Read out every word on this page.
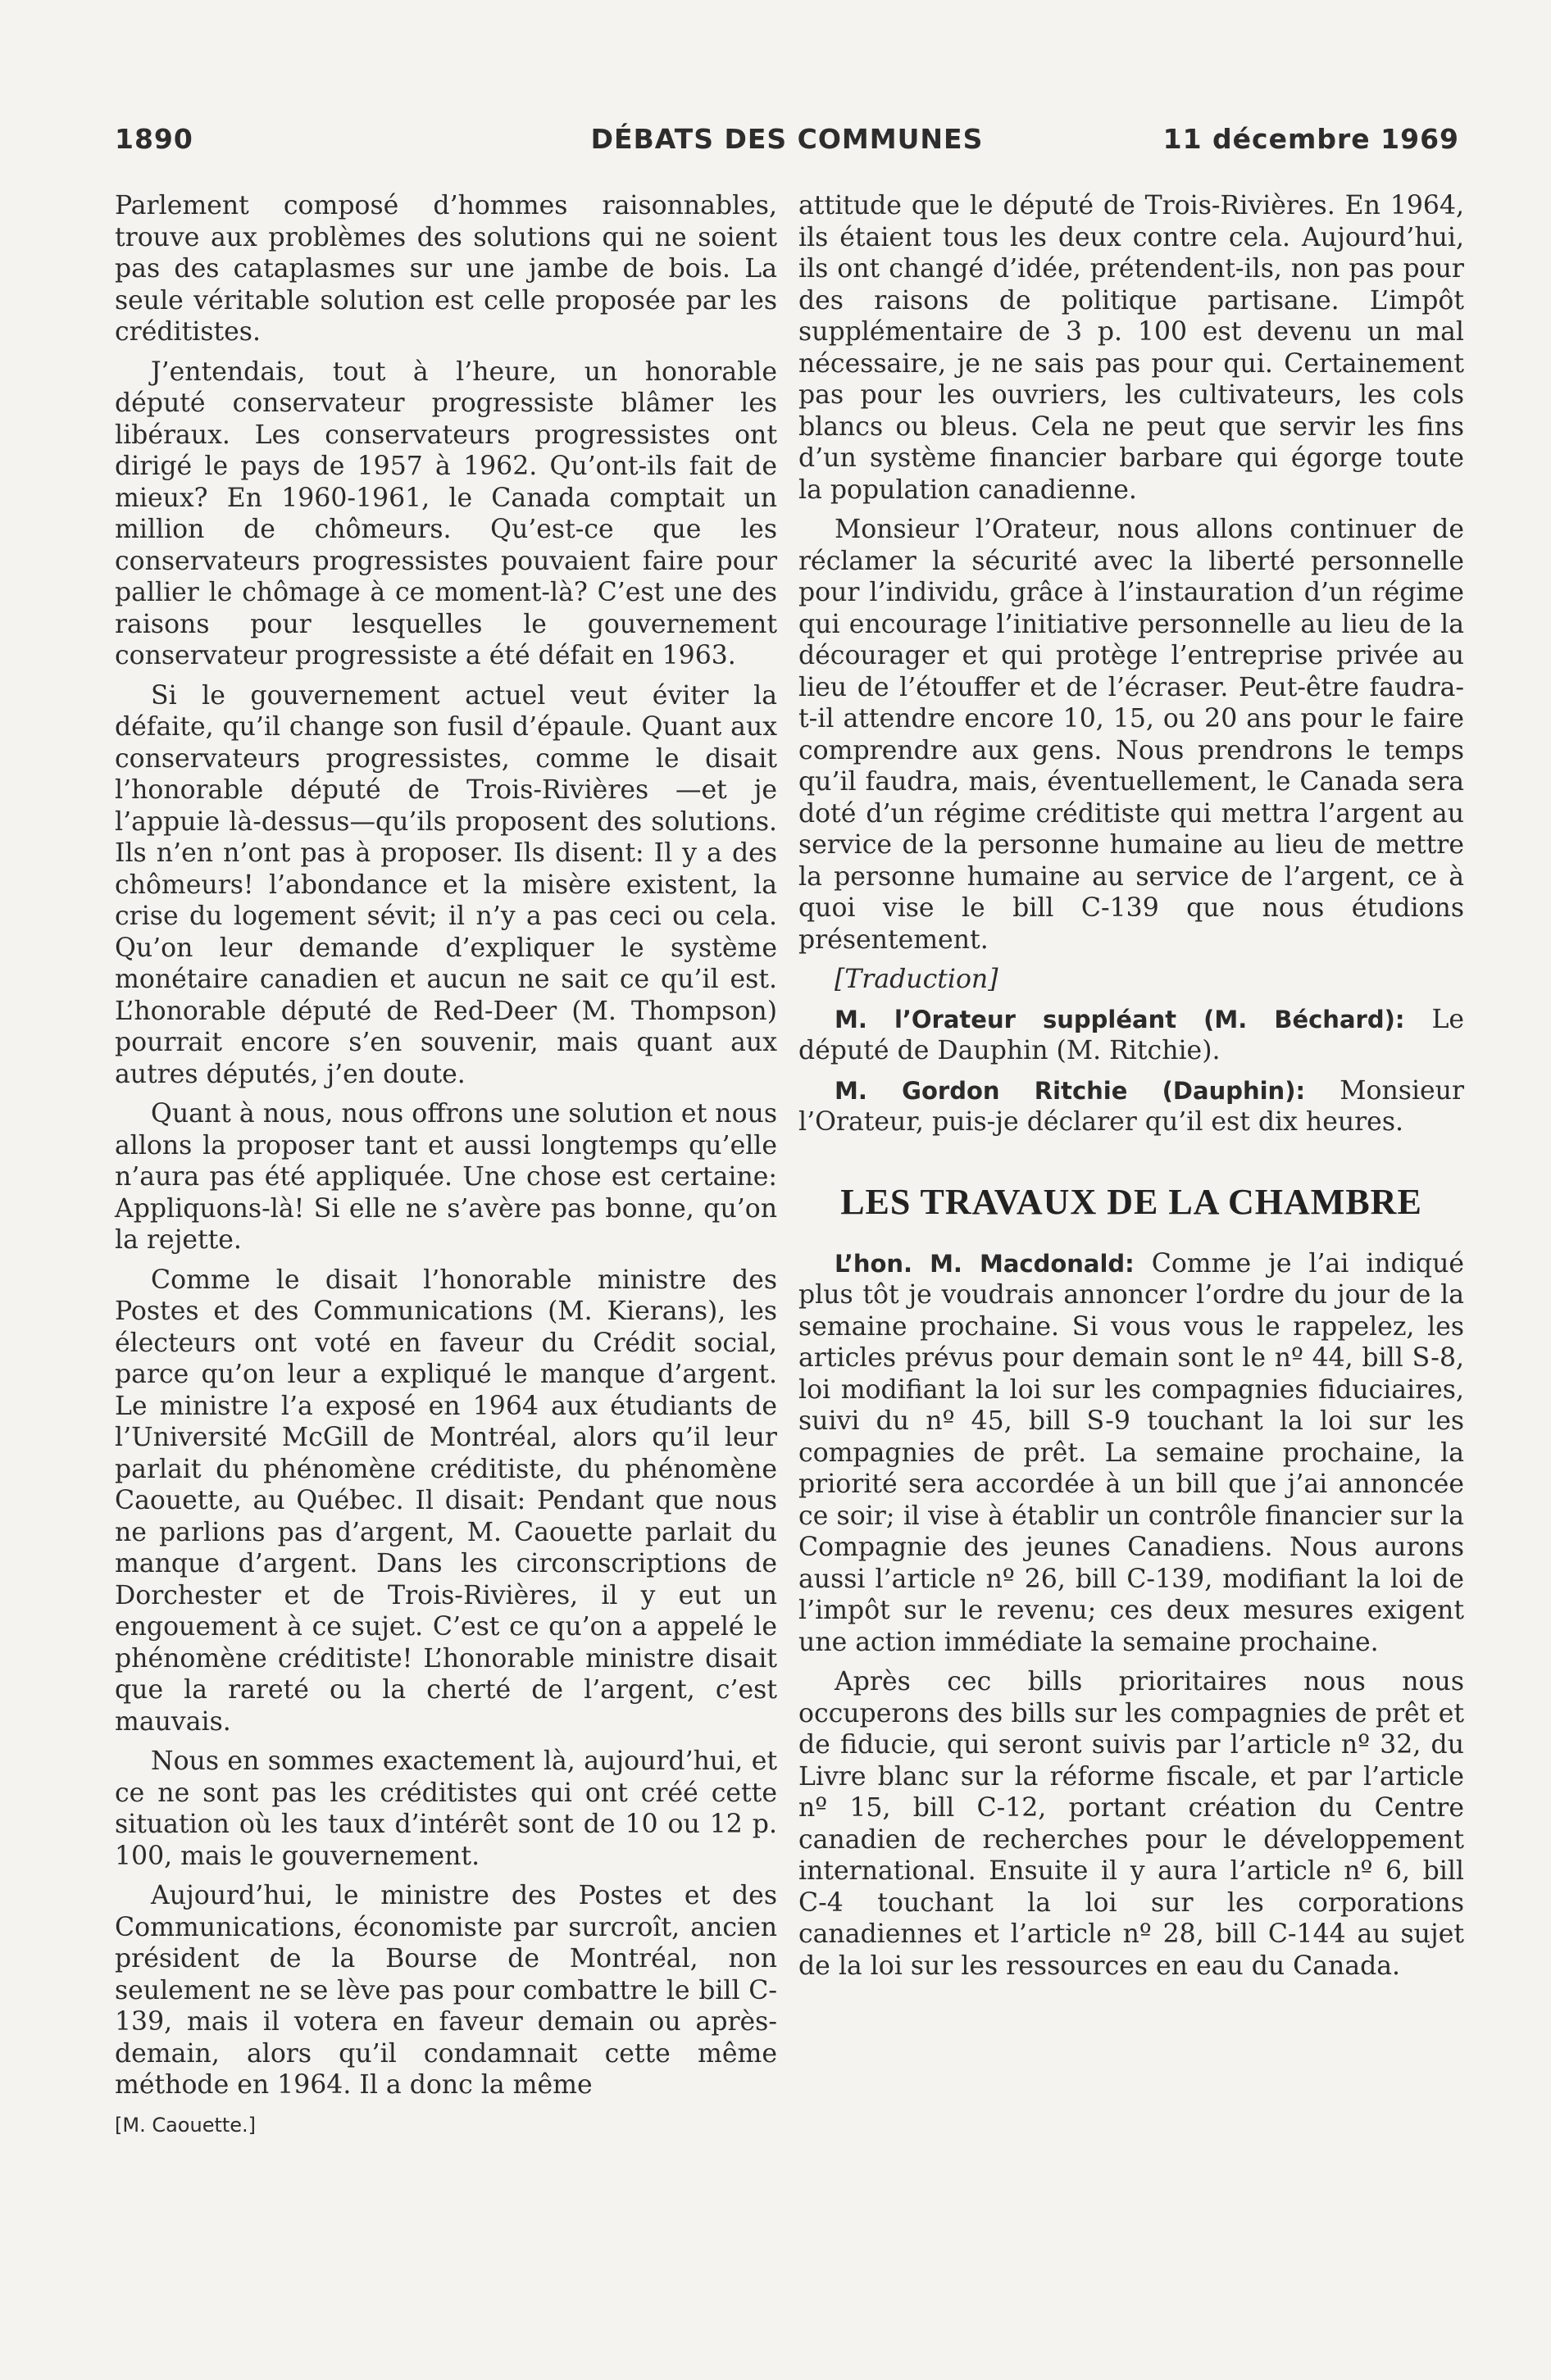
1890	DÉBATS DES COMMUNES	11 décembre 1969

Parlement composé d’hommes raisonnables, trouve aux problèmes des solutions qui ne soient pas des cataplasmes sur une jambe de bois. La seule véritable solution est celle proposée par les créditistes.

J’entendais, tout à l’heure, un honorable député conservateur progressiste blâmer les libéraux. Les conservateurs progressistes ont dirigé le pays de 1957 à 1962. Qu’ont-ils fait de mieux? En 1960-1961, le Canada comptait un million de chômeurs. Qu’est-ce que les conservateurs progressistes pouvaient faire pour pallier le chômage à ce moment-là? C’est une des raisons pour lesquelles le gouvernement conservateur progressiste a été défait en 1963.

Si le gouvernement actuel veut éviter la défaite, qu’il change son fusil d’épaule. Quant aux conservateurs progressistes, comme le disait l’honorable député de Trois-Rivières —et je l’appuie là-dessus—qu’ils proposent des solutions. Ils n’en n’ont pas à proposer. Ils disent: Il y a des chômeurs! l’abondance et la misère existent, la crise du logement sévit; il n’y a pas ceci ou cela. Qu’on leur demande d’expliquer le système monétaire canadien et aucun ne sait ce qu’il est. L’honorable député de Red-Deer (M. Thompson) pourrait encore s’en souvenir, mais quant aux autres députés, j’en doute.

Quant à nous, nous offrons une solution et nous allons la proposer tant et aussi longtemps qu’elle n’aura pas été appliquée. Une chose est certaine: Appliquons-là! Si elle ne s’avère pas bonne, qu’on la rejette.

Comme le disait l’honorable ministre des Postes et des Communications (M. Kierans), les électeurs ont voté en faveur du Crédit social, parce qu’on leur a expliqué le manque d’argent. Le ministre l’a exposé en 1964 aux étudiants de l’Université McGill de Montréal, alors qu’il leur parlait du phénomène créditiste, du phénomène Caouette, au Québec. Il disait: Pendant que nous ne parlions pas d’argent, M. Caouette parlait du manque d’argent. Dans les circonscriptions de Dorchester et de Trois-Rivières, il y eut un engouement à ce sujet. C’est ce qu’on a appelé le phénomène créditiste! L’honorable ministre disait que la rareté ou la cherté de l’argent, c’est mauvais.

Nous en sommes exactement là, aujourd’hui, et ce ne sont pas les créditistes qui ont créé cette situation où les taux d’intérêt sont de 10 ou 12 p. 100, mais le gouvernement.

Aujourd’hui, le ministre des Postes et des Communications, économiste par surcroît, ancien président de la Bourse de Montréal, non seulement ne se lève pas pour combattre le bill C-139, mais il votera en faveur demain ou après-demain, alors qu’il condamnait cette même méthode en 1964. Il a donc la même

[M. Caouette.]

attitude que le député de Trois-Rivières. En 1964, ils étaient tous les deux contre cela. Aujourd’hui, ils ont changé d’idée, prétendent-ils, non pas pour des raisons de politique partisane. L’impôt supplémentaire de 3 p. 100 est devenu un mal nécessaire, je ne sais pas pour qui. Certainement pas pour les ouvriers, les cultivateurs, les cols blancs ou bleus. Cela ne peut que servir les fins d’un système financier barbare qui égorge toute la population canadienne.

Monsieur l’Orateur, nous allons continuer de réclamer la sécurité avec la liberté personnelle pour l’individu, grâce à l’instauration d’un régime qui encourage l’initiative personnelle au lieu de la décourager et qui protège l’entreprise privée au lieu de l’étouffer et de l’écraser. Peut-être faudra-t-il attendre encore 10, 15, ou 20 ans pour le faire comprendre aux gens. Nous prendrons le temps qu’il faudra, mais, éventuellement, le Canada sera doté d’un régime créditiste qui mettra l’argent au service de la personne humaine au lieu de mettre la personne humaine au service de l’argent, ce à quoi vise le bill C-139 que nous étudions présentement.

[Traduction]

M. l’Orateur suppléant (M. Béchard): Le député de Dauphin (M. Ritchie).

M. Gordon Ritchie (Dauphin): Monsieur l’Orateur, puis-je déclarer qu’il est dix heures.

LES TRAVAUX DE LA CHAMBRE

L’hon. M. Macdonald: Comme je l’ai indiqué plus tôt je voudrais annoncer l’ordre du jour de la semaine prochaine. Si vous vous le rappelez, les articles prévus pour demain sont le nº 44, bill S-8, loi modifiant la loi sur les compagnies fiduciaires, suivi du nº 45, bill S-9 touchant la loi sur les compagnies de prêt. La semaine prochaine, la priorité sera accordée à un bill que j’ai annoncée ce soir; il vise à établir un contrôle financier sur la Compagnie des jeunes Canadiens. Nous aurons aussi l’article nº 26, bill C-139, modifiant la loi de l’impôt sur le revenu; ces deux mesures exigent une action immédiate la semaine prochaine.

Après cec bills prioritaires nous nous occuperons des bills sur les compagnies de prêt et de fiducie, qui seront suivis par l’article nº 32, du Livre blanc sur la réforme fiscale, et par l’article nº 15, bill C-12, portant création du Centre canadien de recherches pour le développement international. Ensuite il y aura l’article nº 6, bill C-4 touchant la loi sur les corporations canadiennes et l’article nº 28, bill C-144 au sujet de la loi sur les ressources en eau du Canada.
